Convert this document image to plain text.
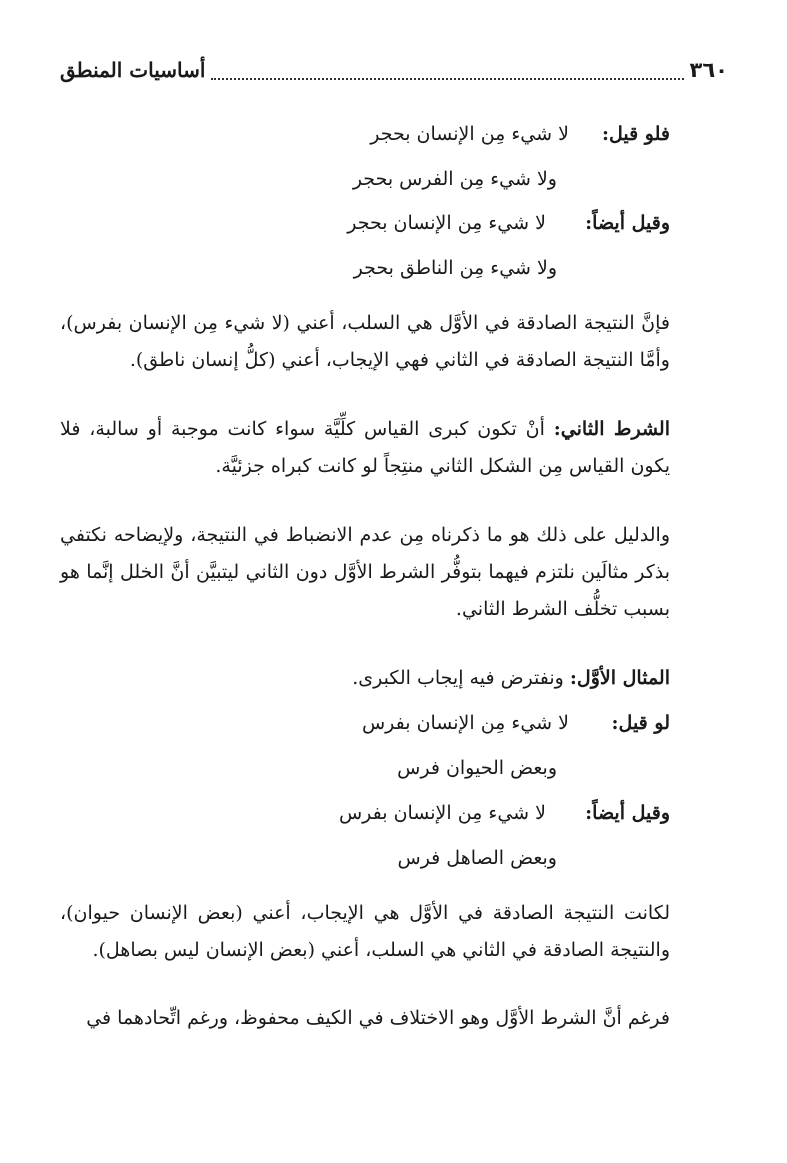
٣٦٠
أساسيات المنطق
فلو قيل: لا شيء مِن الإنسان بحجر
ولا شيء مِن الفرس بحجر
وقيل أيضاً: لا شيء مِن الإنسان بحجر
ولا شيء مِن الناطق بحجر
فإنَّ النتيجة الصادقة في الأوَّل هي السلب، أعني (لا شيء مِن الإنسان بفرس)، وأمَّا النتيجة الصادقة في الثاني فهي الإيجاب، أعني (كلُّ إنسان ناطق).
الشرط الثاني: أنْ تكون كبرى القياس كلِّيَّة سواء كانت موجبة أو سالبة، فلا يكون القياس مِن الشكل الثاني منتِجاً لو كانت كبراه جزئيَّة.
والدليل على ذلك هو ما ذكرناه مِن عدم الانضباط في النتيجة، ولإيضاحه نكتفي بذكر مثالَين نلتزم فيهما بتوفُّر الشرط الأوَّل دون الثاني ليتبيَّن أنَّ الخلل إنَّما هو بسبب تخلُّف الشرط الثاني.
المثال الأوَّل: ونفترض فيه إيجاب الكبرى.
لو قيل: لا شيء مِن الإنسان بفرس
وبعض الحيوان فرس
وقيل أيضاً: لا شيء مِن الإنسان بفرس
وبعض الصاهل فرس
لكانت النتيجة الصادقة في الأوَّل هي الإيجاب، أعني (بعض الإنسان حيوان)، والنتيجة الصادقة في الثاني هي السلب، أعني (بعض الإنسان ليس بصاهل).
فرغم أنَّ الشرط الأوَّل وهو الاختلاف في الكيف محفوظ، ورغم اتِّحادهما في
